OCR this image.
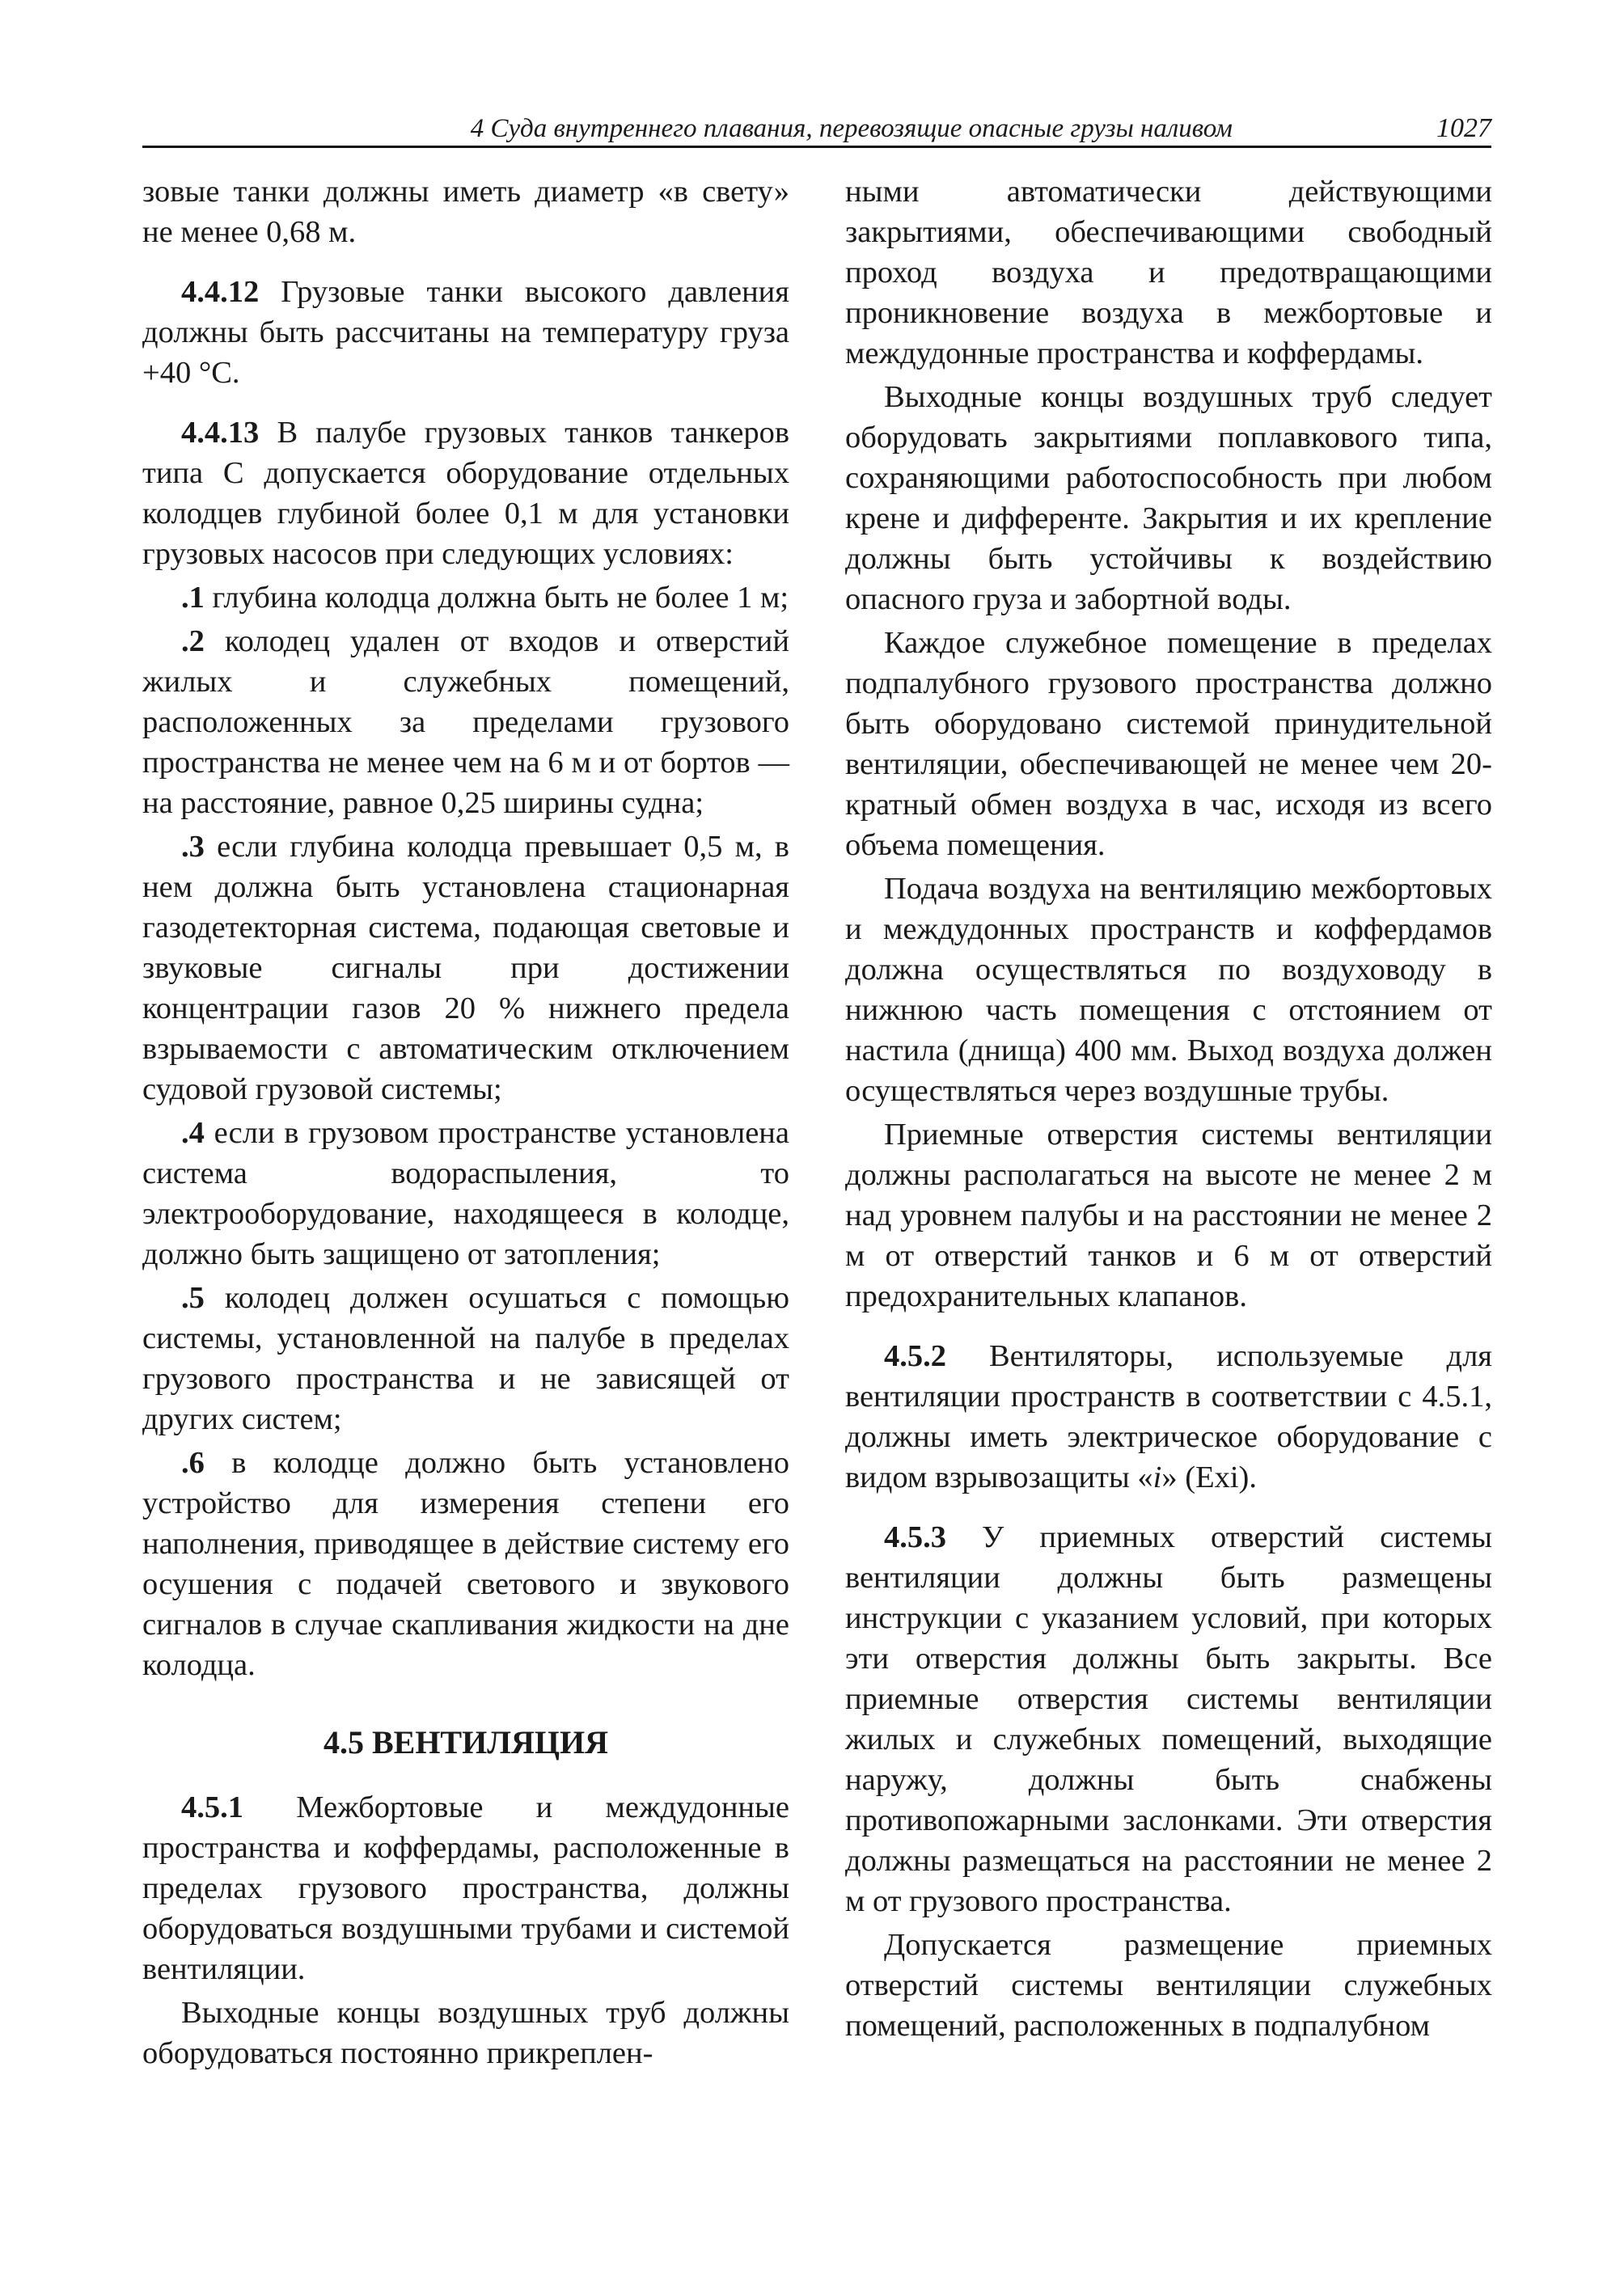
4 Суда внутреннего плавания, перевозящие опасные грузы наливом	1027

зовые танки должны иметь диаметр «в свету» не менее 0,68 м.

4.4.12 Грузовые танки высокого давления должны быть рассчитаны на температуру груза +40 °С.

4.4.13 В палубе грузовых танков танкеров типа С допускается оборудование отдельных колодцев глубиной более 0,1 м для установки грузовых насосов при следующих условиях:

.1 глубина колодца должна быть не более 1 м;

.2 колодец удален от входов и отверстий жилых и служебных помещений, расположенных за пределами грузового пространства не менее чем на 6 м и от бортов — на расстояние, равное 0,25 ширины судна;

.3 если глубина колодца превышает 0,5 м, в нем должна быть установлена стационарная газодетекторная система, подающая световые и звуковые сигналы при достижении концентрации газов 20 % нижнего предела взрываемости с автоматическим отключением судовой грузовой системы;

.4 если в грузовом пространстве установлена система водораспыления, то электрооборудование, находящееся в колодце, должно быть защищено от затопления;

.5 колодец должен осушаться с помощью системы, установленной на палубе в пределах грузового пространства и не зависящей от других систем;

.6 в колодце должно быть установлено устройство для измерения степени его наполнения, приводящее в действие систему его осушения с подачей светового и звукового сигналов в случае скапливания жидкости на дне колодца.

4.5 ВЕНТИЛЯЦИЯ

4.5.1 Межбортовые и междудонные пространства и коффердамы, расположенные в пределах грузового пространства, должны оборудоваться воздушными трубами и системой вентиляции.

Выходные концы воздушных труб должны оборудоваться постоянно прикреплен-

ными автоматически действующими закрытиями, обеспечивающими свободный проход воздуха и предотвращающими проникновение воздуха в межбортовые и междудонные пространства и коффердамы.

Выходные концы воздушных труб следует оборудовать закрытиями поплавкового типа, сохраняющими работоспособность при любом крене и дифференте. Закрытия и их крепление должны быть устойчивы к воздействию опасного груза и забортной воды.

Каждое служебное помещение в пределах подпалубного грузового пространства должно быть оборудовано системой принудительной вентиляции, обеспечивающей не менее чем 20-кратный обмен воздуха в час, исходя из всего объема помещения.

Подача воздуха на вентиляцию межбортовых и междудонных пространств и коффердамов должна осуществляться по воздуховоду в нижнюю часть помещения с отстоянием от настила (днища) 400 мм. Выход воздуха должен осуществляться через воздушные трубы.

Приемные отверстия системы вентиляции должны располагаться на высоте не менее 2 м над уровнем палубы и на расстоянии не менее 2 м от отверстий танков и 6 м от отверстий предохранительных клапанов.

4.5.2 Вентиляторы, используемые для вентиляции пространств в соответствии с 4.5.1, должны иметь электрическое оборудование с видом взрывозащиты «i» (Exi).

4.5.3 У приемных отверстий системы вентиляции должны быть размещены инструкции с указанием условий, при которых эти отверстия должны быть закрыты. Все приемные отверстия системы вентиляции жилых и служебных помещений, выходящие наружу, должны быть снабжены противопожарными заслонками. Эти отверстия должны размещаться на расстоянии не менее 2 м от грузового пространства.

Допускается размещение приемных отверстий системы вентиляции служебных помещений, расположенных в подпалубном
